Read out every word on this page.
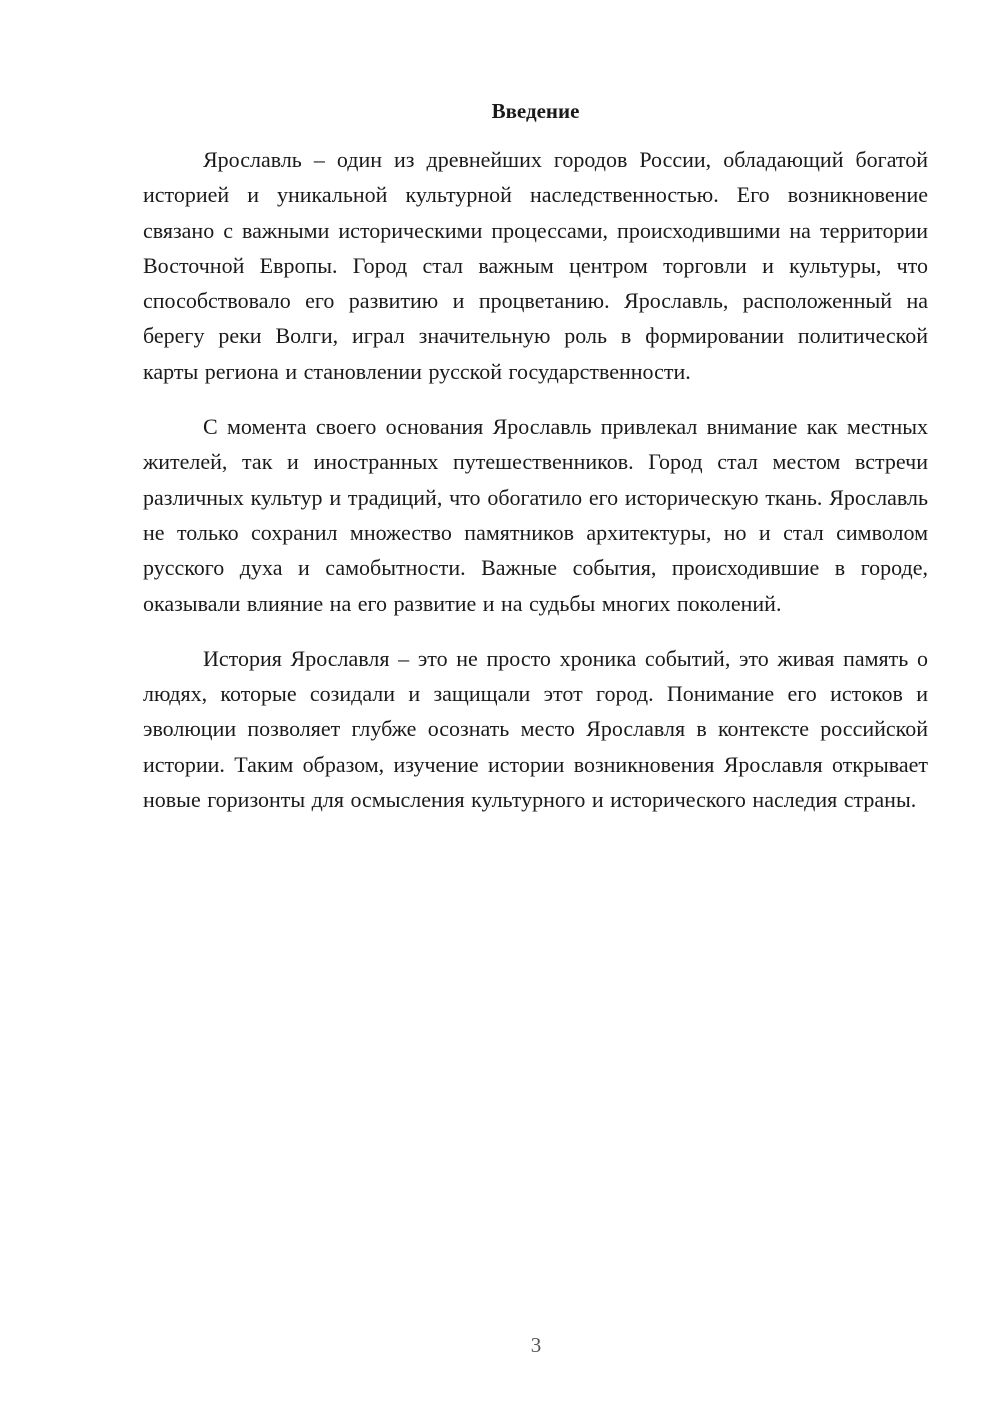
Введение

Ярославль – один из древнейших городов России, обладающий богатой историей и уникальной культурной наследственностью. Его возникновение связано с важными историческими процессами, происходившими на территории Восточной Европы. Город стал важным центром торговли и культуры, что способствовало его развитию и процветанию. Ярославль, расположенный на берегу реки Волги, играл значительную роль в формировании политической карты региона и становлении русской государственности.

С момента своего основания Ярославль привлекал внимание как местных жителей, так и иностранных путешественников. Город стал местом встречи различных культур и традиций, что обогатило его историческую ткань. Ярославль не только сохранил множество памятников архитектуры, но и стал символом русского духа и самобытности. Важные события, происходившие в городе, оказывали влияние на его развитие и на судьбы многих поколений.

История Ярославля – это не просто хроника событий, это живая память о людях, которые созидали и защищали этот город. Понимание его истоков и эволюции позволяет глубже осознать место Ярославля в контексте российской истории. Таким образом, изучение истории возникновения Ярославля открывает новые горизонты для осмысления культурного и исторического наследия страны.

3
